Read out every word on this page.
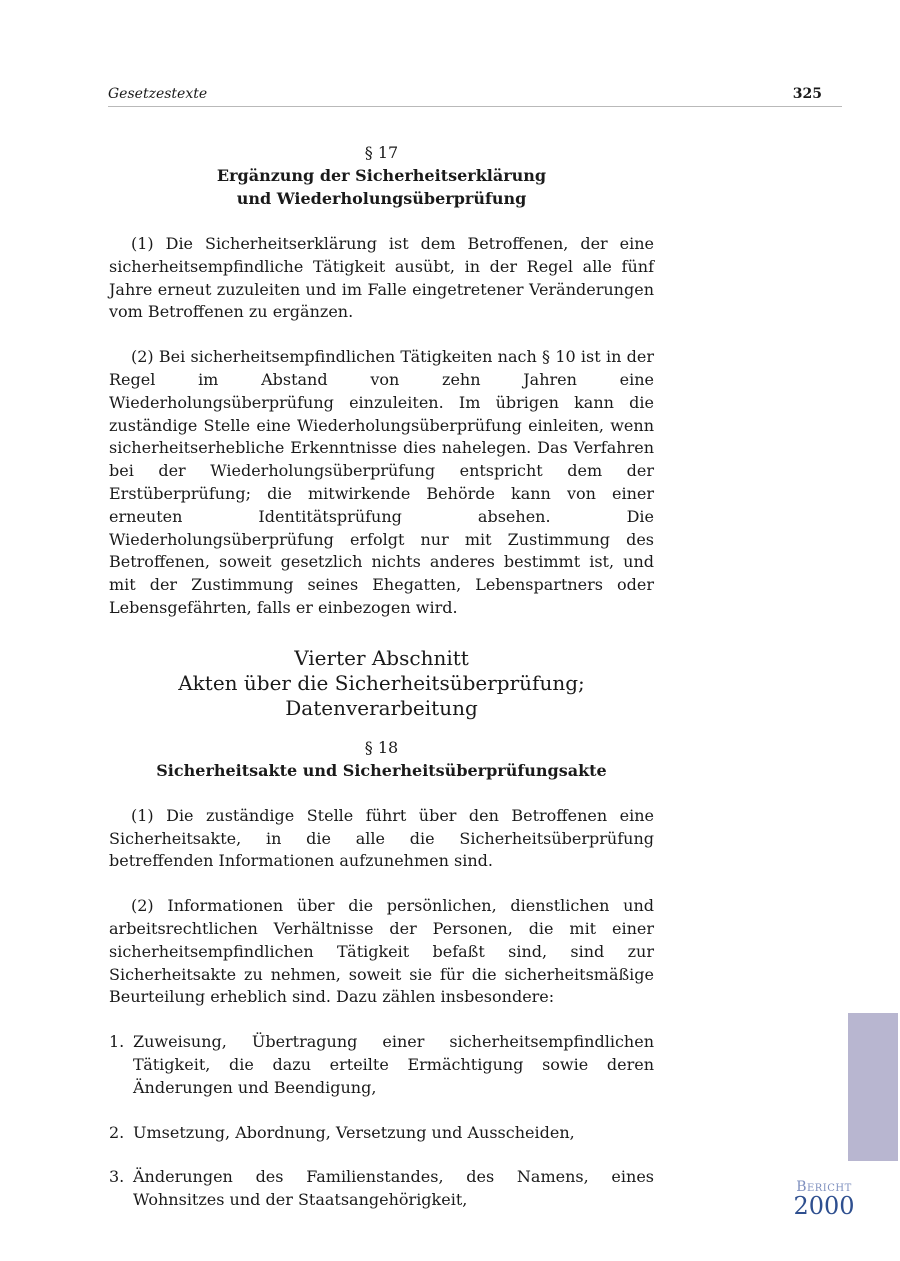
Gesetzestexte	325
§ 17
Ergänzung der Sicherheitserklärung
und Wiederholungsüberprüfung

(1) Die Sicherheitserklärung ist dem Betroffenen, der eine sicherheitsempfindliche Tätigkeit ausübt, in der Regel alle fünf Jahre erneut zuzuleiten und im Falle eingetretener Veränderungen vom Betroffenen zu ergänzen.

(2) Bei sicherheitsempfindlichen Tätigkeiten nach § 10 ist in der Regel im Abstand von zehn Jahren eine Wiederholungsüberprüfung einzuleiten. Im übrigen kann die zuständige Stelle eine Wiederholungsüberprüfung einleiten, wenn sicherheitserhebliche Erkenntnisse dies nahelegen. Das Verfahren bei der Wiederholungsüberprüfung entspricht dem der Erstüberprüfung; die mitwirkende Behörde kann von einer erneuten Identitätsprüfung absehen. Die Wiederholungsüberprüfung erfolgt nur mit Zustimmung des Betroffenen, soweit gesetzlich nichts anderes bestimmt ist, und mit der Zustimmung seines Ehegatten, Lebenspartners oder Lebensgefährten, falls er einbezogen wird.

Vierter Abschnitt
Akten über die Sicherheitsüberprüfung;
Datenverarbeitung
§ 18
Sicherheitsakte und Sicherheitsüberprüfungsakte

(1) Die zuständige Stelle führt über den Betroffenen eine Sicherheitsakte, in die alle die Sicherheitsüberprüfung betreffenden Informationen aufzunehmen sind.

(2) Informationen über die persönlichen, dienstlichen und arbeitsrechtlichen Verhältnisse der Personen, die mit einer sicherheitsempfindlichen Tätigkeit befaßt sind, sind zur Sicherheitsakte zu nehmen, soweit sie für die sicherheitsmäßige Beurteilung erheblich sind. Dazu zählen insbesondere:

1. Zuweisung, Übertragung einer sicherheitsempfindlichen Tätigkeit, die dazu erteilte Ermächtigung sowie deren Änderungen und Beendigung,
2. Umsetzung, Abordnung, Versetzung und Ausscheiden,
3. Änderungen des Familienstandes, des Namens, eines Wohnsitzes und der Staatsangehörigkeit,
Bericht
2000
